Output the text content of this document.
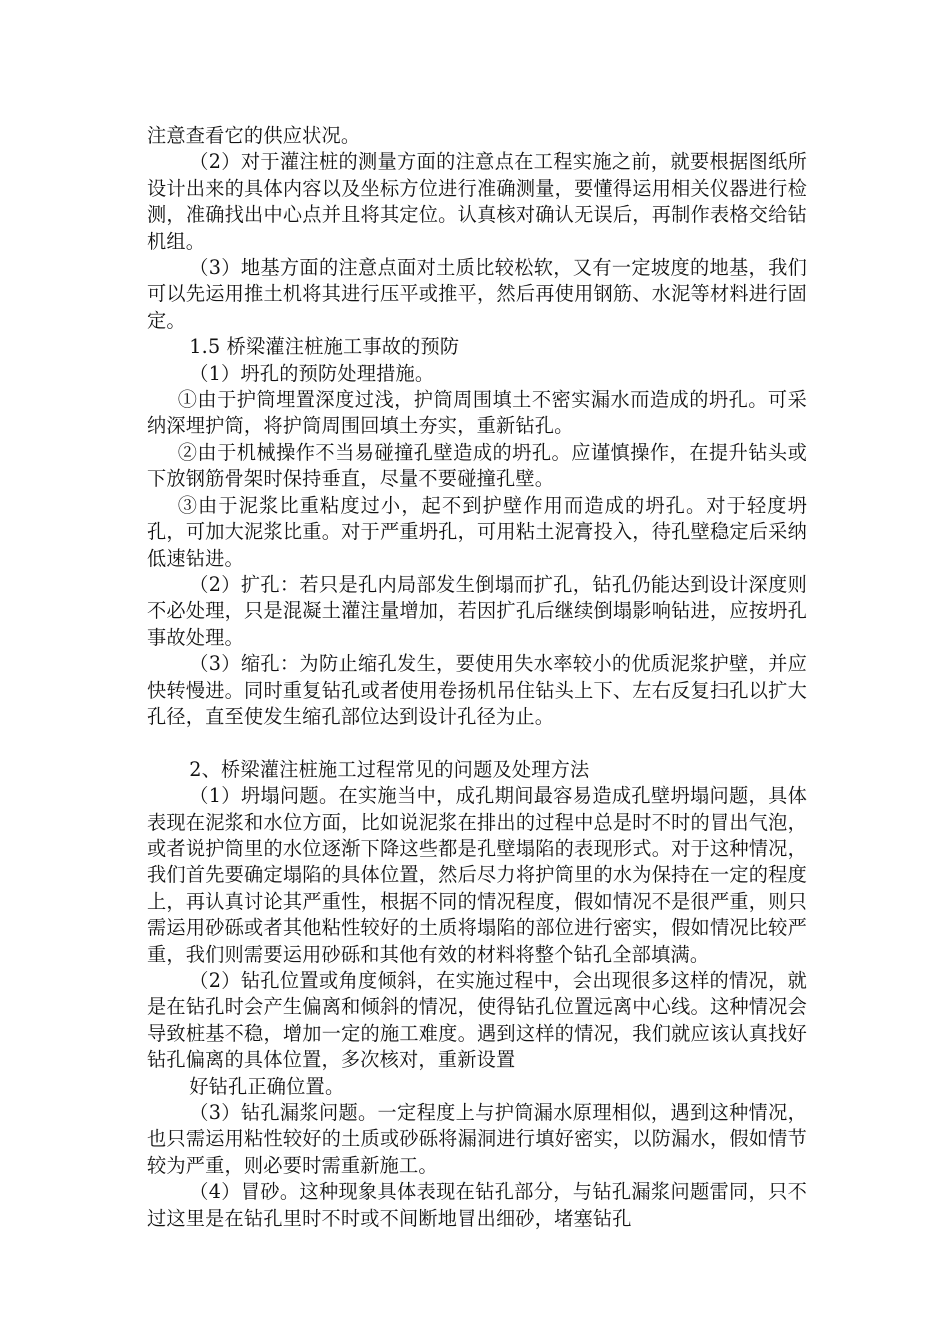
注意查看它的供应状况。

（2）对于灌注桩的测量方面的注意点在工程实施之前，就要根据图纸所设计出来的具体内容以及坐标方位进行准确测量，要懂得运用相关仪器进行检测，准确找出中心点并且将其定位。认真核对确认无误后，再制作表格交给钻机组。

（3）地基方面的注意点面对土质比较松软，又有一定坡度的地基，我们可以先运用推土机将其进行压平或推平，然后再使用钢筋、水泥等材料进行固定。

1.5 桥梁灌注桩施工事故的预防

（1）坍孔的预防处理措施。

①由于护筒埋置深度过浅，护筒周围填土不密实漏水而造成的坍孔。可采纳深埋护筒，将护筒周围回填土夯实，重新钻孔。

②由于机械操作不当易碰撞孔壁造成的坍孔。应谨慎操作，在提升钻头或下放钢筋骨架时保持垂直，尽量不要碰撞孔壁。

③由于泥浆比重粘度过小，起不到护壁作用而造成的坍孔。对于轻度坍孔，可加大泥浆比重。对于严重坍孔，可用粘土泥膏投入，待孔壁稳定后采纳低速钻进。

（2）扩孔：若只是孔内局部发生倒塌而扩孔，钻孔仍能达到设计深度则不必处理，只是混凝土灌注量增加，若因扩孔后继续倒塌影响钻进，应按坍孔事故处理。

（3）缩孔：为防止缩孔发生，要使用失水率较小的优质泥浆护壁，并应快转慢进。同时重复钻孔或者使用卷扬机吊住钻头上下、左右反复扫孔以扩大孔径，直至使发生缩孔部位达到设计孔径为止。

2、桥梁灌注桩施工过程常见的问题及处理方法

（1）坍塌问题。在实施当中，成孔期间最容易造成孔壁坍塌问题，具体表现在泥浆和水位方面，比如说泥浆在排出的过程中总是时不时的冒出气泡，或者说护筒里的水位逐渐下降这些都是孔壁塌陷的表现形式。对于这种情况，我们首先要确定塌陷的具体位置，然后尽力将护筒里的水为保持在一定的程度上，再认真讨论其严重性，根据不同的情况程度，假如情况不是很严重，则只需运用砂砾或者其他粘性较好的土质将塌陷的部位进行密实，假如情况比较严重，我们则需要运用砂砾和其他有效的材料将整个钻孔全部填满。

（2）钻孔位置或角度倾斜，在实施过程中，会出现很多这样的情况，就是在钻孔时会产生偏离和倾斜的情况，使得钻孔位置远离中心线。这种情况会导致桩基不稳，增加一定的施工难度。遇到这样的情况，我们就应该认真找好钻孔偏离的具体位置，多次核对，重新设置

好钻孔正确位置。

（3）钻孔漏浆问题。一定程度上与护筒漏水原理相似，遇到这种情况，也只需运用粘性较好的土质或砂砾将漏洞进行填好密实，以防漏水，假如情节较为严重，则必要时需重新施工。

（4）冒砂。这种现象具体表现在钻孔部分，与钻孔漏浆问题雷同，只不过这里是在钻孔里时不时或不间断地冒出细砂，堵塞钻孔
